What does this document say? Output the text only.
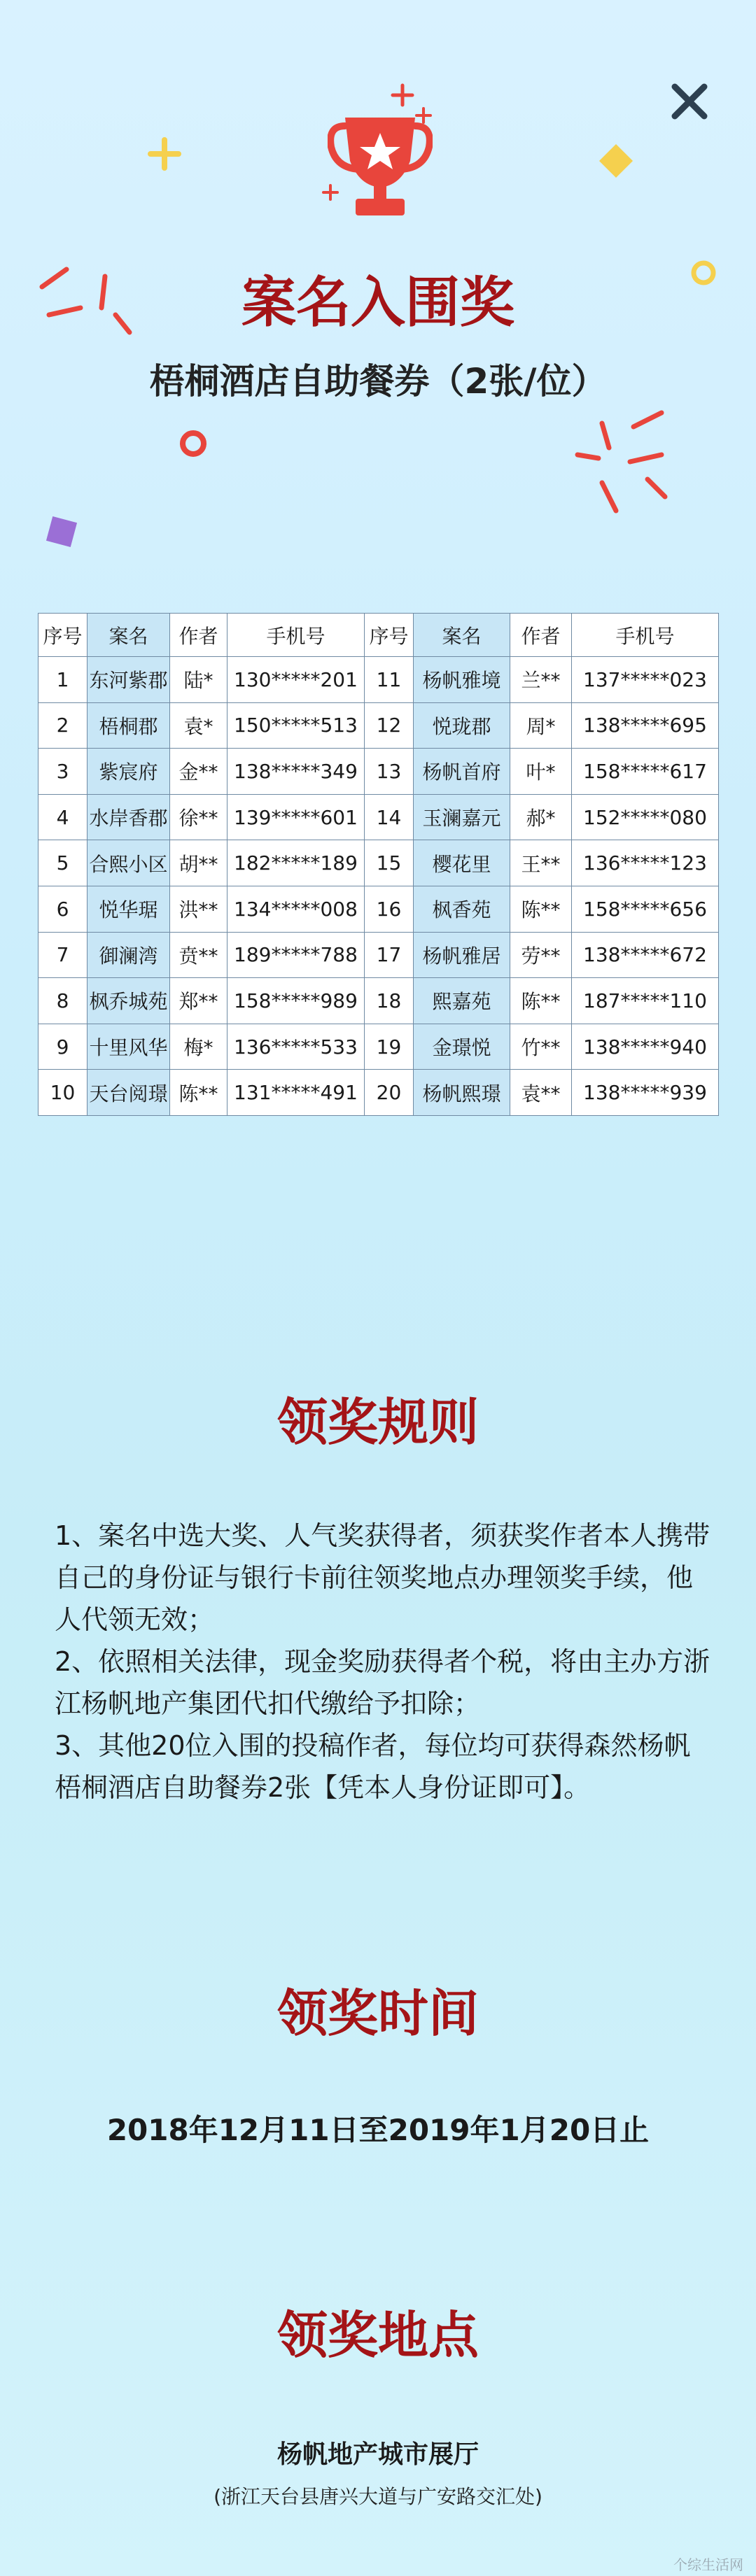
案名入围奖
梧桐酒店自助餐券（2张/位）
序号	案名	作者	手机号	序号	案名	作者	手机号
1	东河紫郡	陆*	130*****201	11	杨帆雅境	兰**	137*****023
2	梧桐郡	袁*	150*****513	12	悦珑郡	周*	138*****695
3	紫宸府	金**	138*****349	13	杨帆首府	叶*	158*****617
4	水岸香郡	徐**	139*****601	14	玉澜嘉元	郝*	152*****080
5	合熙小区	胡**	182*****189	15	樱花里	王**	136*****123
6	悦华琚	洪**	134*****008	16	枫香苑	陈**	158*****656
7	御澜湾	贲**	189*****788	17	杨帆雅居	劳**	138*****672
8	枫乔城苑	郑**	158*****989	18	熙嘉苑	陈**	187*****110
9	十里风华	梅*	136*****533	19	金璟悦	竹**	138*****940
10	天台阅璟	陈**	131*****491	20	杨帆熙璟	袁**	138*****939
领奖规则

1、案名中选大奖、人气奖获得者，须获奖作者本人携带自己的身份证与银行卡前往领奖地点办理领奖手续，他人代领无效；

2、依照相关法律，现金奖励获得者个税，将由主办方浙江杨帆地产集团代扣代缴给予扣除；

3、其他20位入围的投稿作者，每位均可获得森然杨帆梧桐酒店自助餐券2张【凭本人身份证即可】。

领奖时间
2018年12月11日至2019年1月20日止
领奖地点
杨帆地产城市展厅
(浙江天台县唐兴大道与广安路交汇处)
个综生活网
